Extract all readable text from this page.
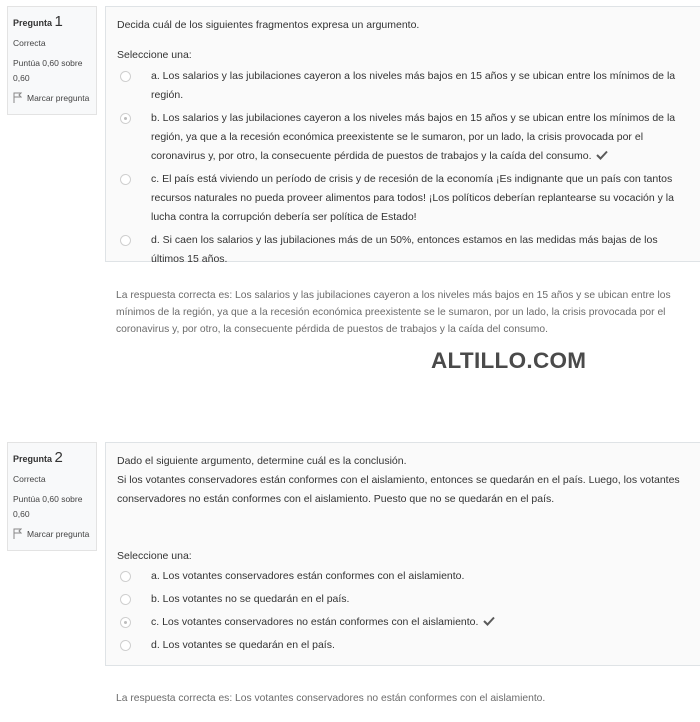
Pregunta 1
Correcta
Puntúa 0,60 sobre 0,60
Marcar pregunta
Decida cuál de los siguientes fragmentos expresa un argumento.
Seleccione una:
a. Los salarios y las jubilaciones cayeron a los niveles más bajos en 15 años y se ubican entre los mínimos de la región.
b. Los salarios y las jubilaciones cayeron a los niveles más bajos en 15 años y se ubican entre los mínimos de la región, ya que a la recesión económica preexistente se le sumaron, por un lado, la crisis provocada por el coronavirus y, por otro, la consecuente pérdida de puestos de trabajos y la caída del consumo.
c. El país está viviendo un período de crisis y de recesión de la economía ¡Es indignante que un país con tantos recursos naturales no pueda proveer alimentos para todos! ¡Los políticos deberían replantearse su vocación y la lucha contra la corrupción debería ser política de Estado!
d. Si caen los salarios y las jubilaciones más de un 50%, entonces estamos en las medidas más bajas de los últimos 15 años.
La respuesta correcta es: Los salarios y las jubilaciones cayeron a los niveles más bajos en 15 años y se ubican entre los mínimos de la región, ya que a la recesión económica preexistente se le sumaron, por un lado, la crisis provocada por el coronavirus y, por otro, la consecuente pérdida de puestos de trabajos y la caída del consumo.
ALTILLO.COM
Pregunta 2
Correcta
Puntúa 0,60 sobre 0,60
Marcar pregunta
Dado el siguiente argumento, determine cuál es la conclusión.
Si los votantes conservadores están conformes con el aislamiento, entonces se quedarán en el país. Luego, los votantes conservadores no están conformes con el aislamiento. Puesto que no se quedarán en el país.
Seleccione una:
a. Los votantes conservadores están conformes con el aislamiento.
b. Los votantes no se quedarán en el país.
c. Los votantes conservadores no están conformes con el aislamiento.
d. Los votantes se quedarán en el país.
La respuesta correcta es: Los votantes conservadores no están conformes con el aislamiento.
